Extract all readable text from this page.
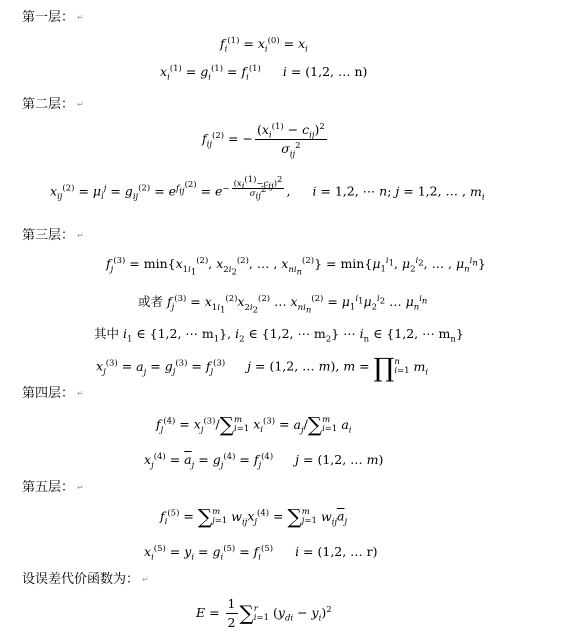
第一层： ↵
$f_i^{(1)} = x_i^{(0)} = x_i$
$x_i^{(1)} = g_i^{(1)} = f_i^{(1)}$ i = (1,2, … n)
第二层： ↵
$f_{ij}^{(2)}$ = − $\frac{(x_i^{(1)} - c_{ij})^2}{\sigma_{ij}^2}$
$x_{ij}^{(2)} = \mu_i^j = g_{ij}^{(2)} = e^{f_{ij}^{(2)}} = e^{- \frac{(x_i^{(1)}-c_{ij})^2}{\sigma_{ij}^2}}$ , i = 1,2, ⋯ n; j = 1,2, … , $m_i$
第三层： ↵
$f_j^{(3)} = \min\{x_{1i_1}^{(2)}$, $x_{2i_2}^{(2)}$, … , $x_{ni_n}^{(2)}\} = \min\{\mu_1^{i_1}$, $\mu_2^{i_2}$, … , $\mu_n^{i_n}$}
或者 $f_j^{(3)} = x_{1i_1}^{(2)}x_{2i_2}^{(2)}$ … $x_{ni_n}^{(2)} = \mu_1^{i_1}\mu_2^{i_2}$ … $\mu_n^{i_n}$
其中 $i_1$ ∈ {1,2, ⋯ $m_1$}, $i_2$ ∈ {1,2, ⋯ $m_2$} ⋯ $i_n$ ∈ {1,2, ⋯ $m_n$}
$x_j^{(3)} = a_j = g_j^{(3)} = f_j^{(3)}$ j = (1,2, … m), m = ∏ n
i=1 $m_i$
第四层： ↵
$f_j^{(4)} = x_j^{(3)}/\sum$ m
i=1 $x_i^{(3)} = a_j/\sum$ m
i=1 $a_i$
$x_j^{(4)} = \overline{a}_j = g_j^{(4)} = f_j^{(4)}$ j = (1,2, … m)
第五层： ↵
$f_i^{(5)}$ = ∑ m
j=1 $w_{ij}x_j^{(4)}$ = ∑ m
j=1 $w_{ij}\overline{a}_j$
$x_i^{(5)} = y_i = g_i^{(5)} = f_i^{(5)}$ i = (1,2, … r)
设误差代价函数为： ↵
$E = \frac{1}{2}$ ∑ r
i=1 $(y_{di} - y_i)^2$
